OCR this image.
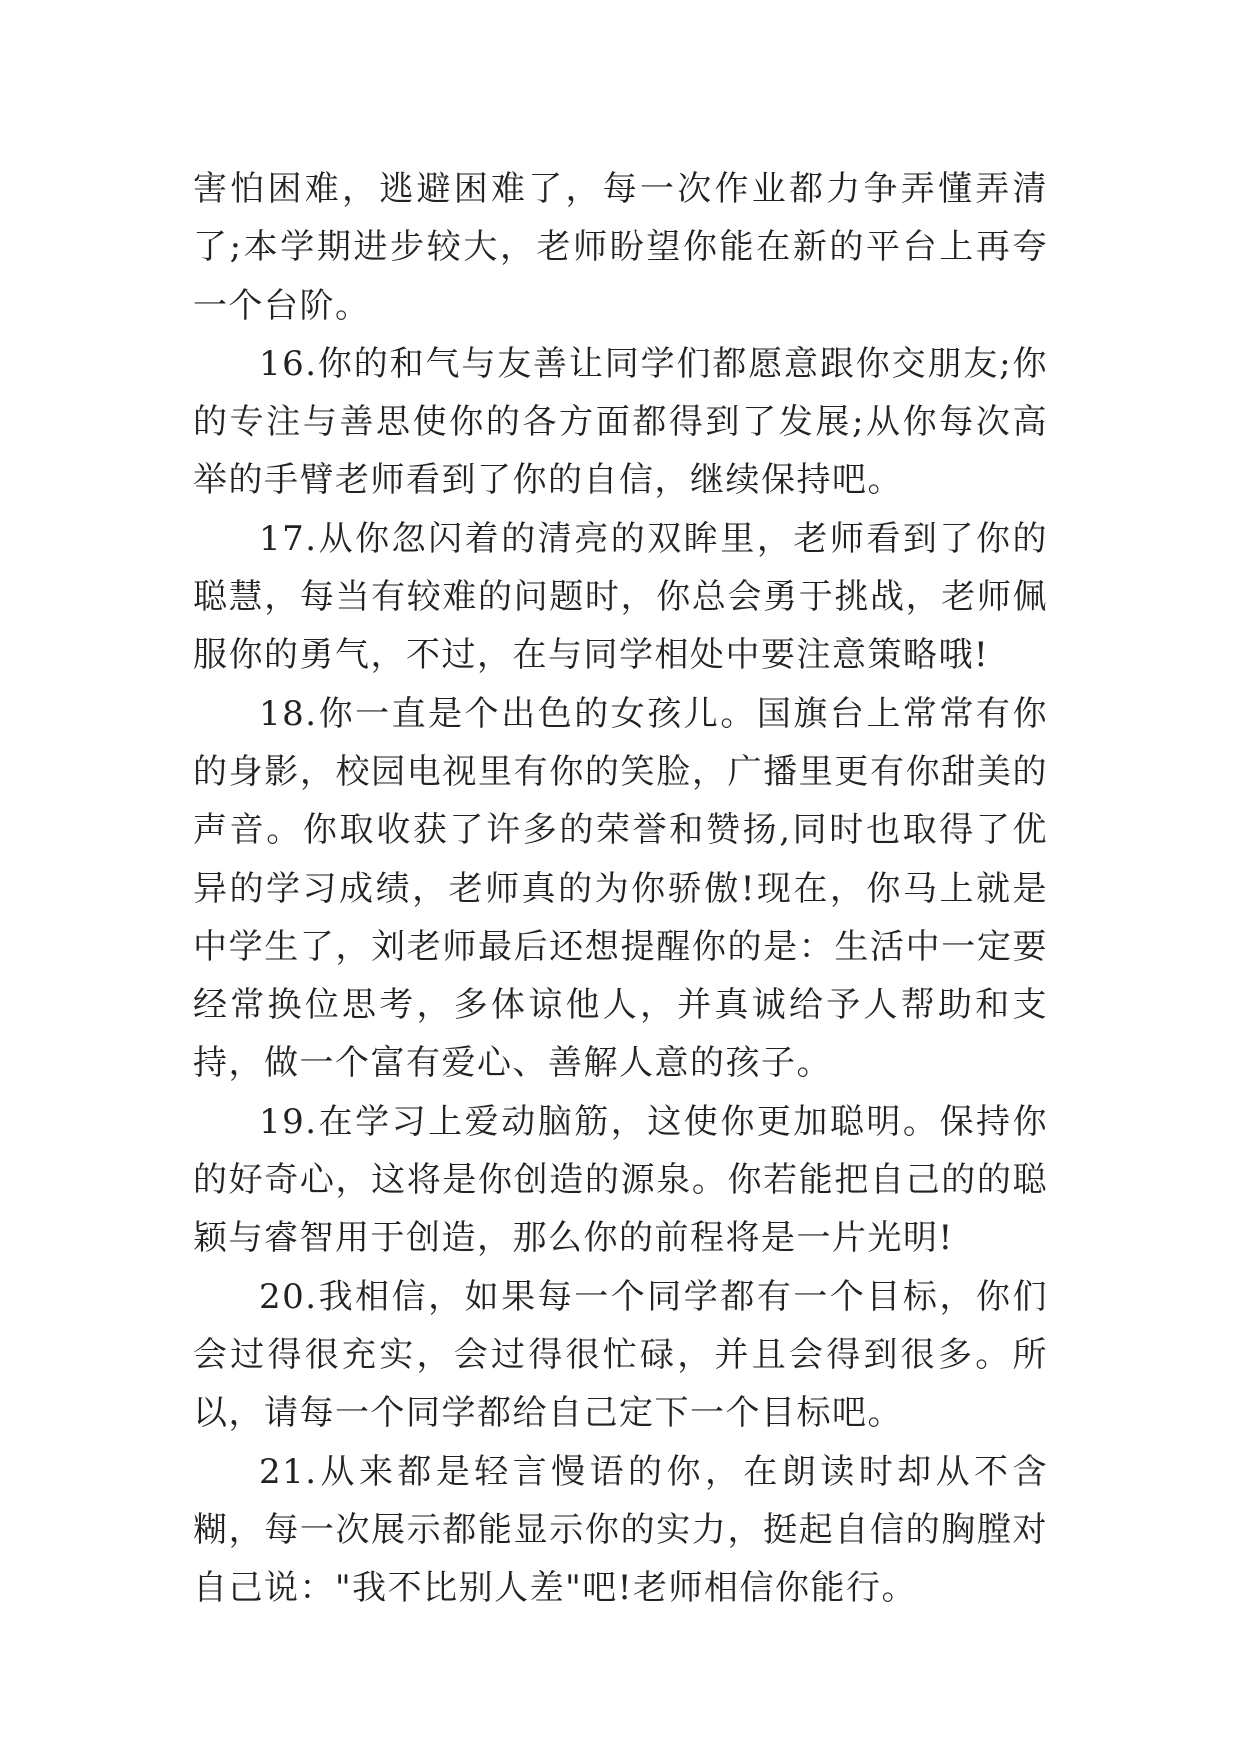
害怕困难，逃避困难了，每一次作业都力争弄懂弄清了;本学期进步较大，老师盼望你能在新的平台上再夸一个台阶。

16.你的和气与友善让同学们都愿意跟你交朋友;你的专注与善思使你的各方面都得到了发展;从你每次高举的手臂老师看到了你的自信，继续保持吧。

17.从你忽闪着的清亮的双眸里，老师看到了你的聪慧，每当有较难的问题时，你总会勇于挑战，老师佩服你的勇气，不过，在与同学相处中要注意策略哦!

18.你一直是个出色的女孩儿。国旗台上常常有你的身影，校园电视里有你的笑脸，广播里更有你甜美的声音。你取收获了许多的荣誉和赞扬,同时也取得了优异的学习成绩，老师真的为你骄傲!现在，你马上就是中学生了，刘老师最后还想提醒你的是：生活中一定要经常换位思考，多体谅他人，并真诚给予人帮助和支持，做一个富有爱心、善解人意的孩子。

19.在学习上爱动脑筋，这使你更加聪明。保持你的好奇心，这将是你创造的源泉。你若能把自己的的聪颖与睿智用于创造，那么你的前程将是一片光明!

20.我相信，如果每一个同学都有一个目标，你们会过得很充实，会过得很忙碌，并且会得到很多。所以，请每一个同学都给自己定下一个目标吧。

21.从来都是轻言慢语的你，在朗读时却从不含糊，每一次展示都能显示你的实力，挺起自信的胸膛对自己说："我不比别人差"吧!老师相信你能行。
